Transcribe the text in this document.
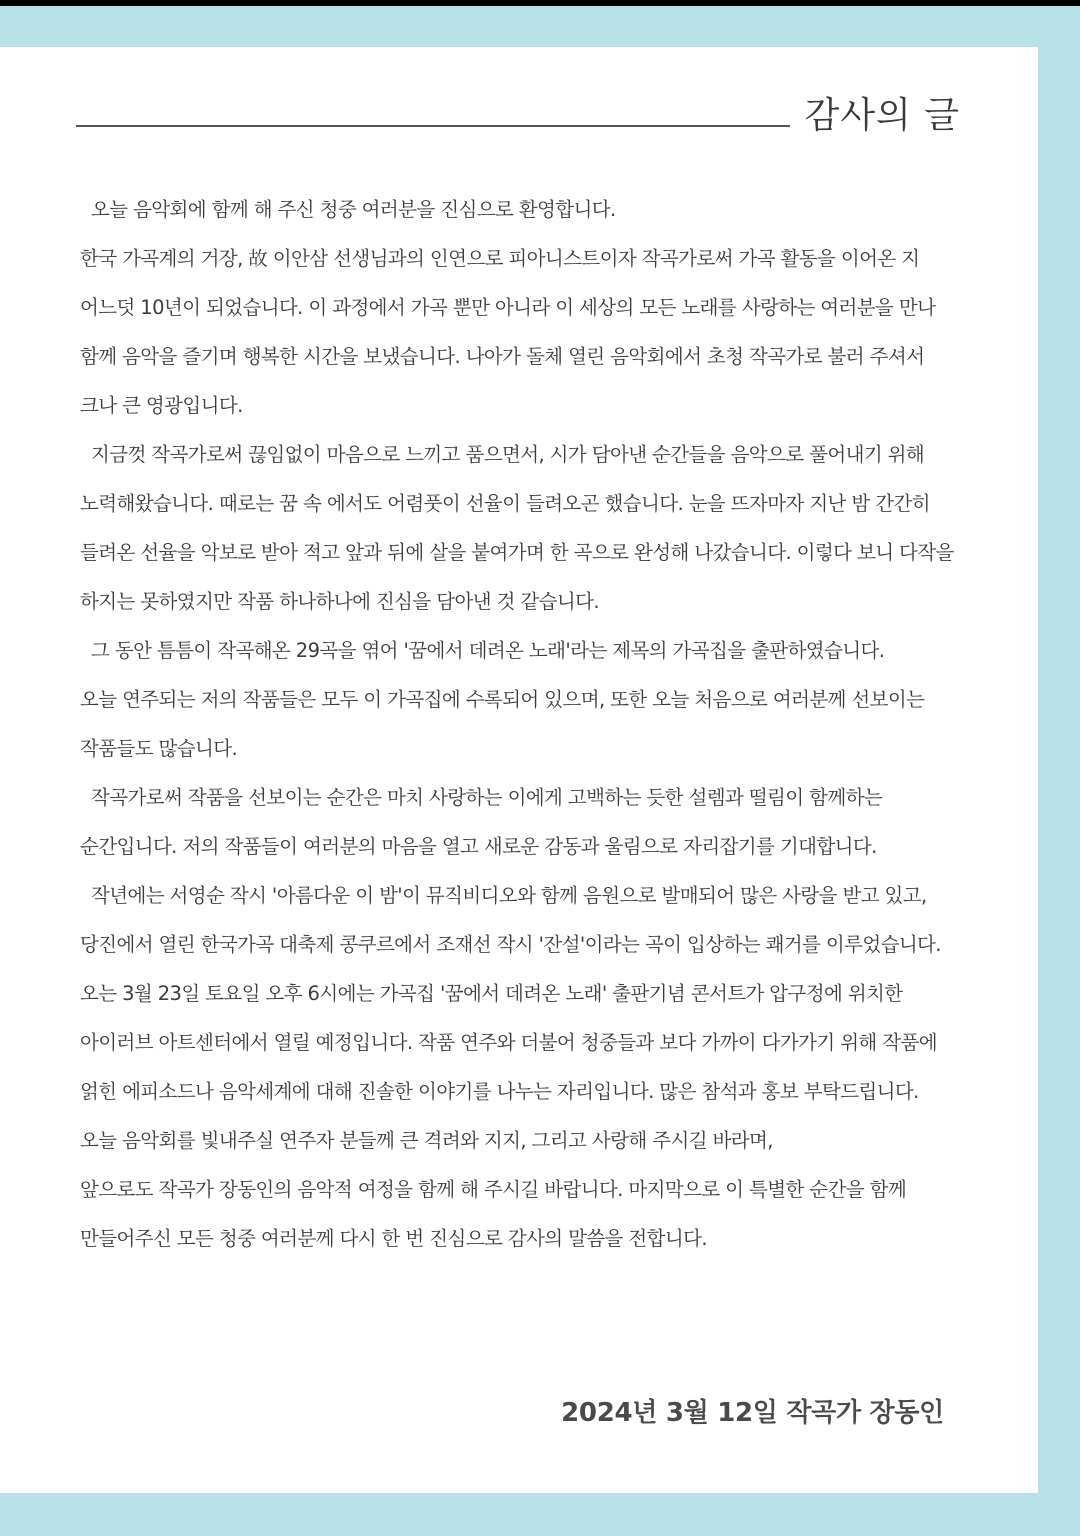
감사의 글
오늘 음악회에 함께 해 주신 청중 여러분을 진심으로 환영합니다.
한국 가곡계의 거장, 故 이안삼 선생님과의 인연으로 피아니스트이자 작곡가로써 가곡 활동을 이어온 지
어느덧 10년이 되었습니다. 이 과정에서 가곡 뿐만 아니라 이 세상의 모든 노래를 사랑하는 여러분을 만나
함께 음악을 즐기며 행복한 시간을 보냈습니다. 나아가 돌체 열린 음악회에서 초청 작곡가로 불러 주셔서
크나 큰 영광입니다.
지금껏 작곡가로써 끊임없이 마음으로 느끼고 품으면서, 시가 담아낸 순간들을 음악으로 풀어내기 위해
노력해왔습니다. 때로는 꿈 속 에서도 어렴풋이 선율이 들려오곤 했습니다. 눈을 뜨자마자 지난 밤 간간히
들려온 선율을 악보로 받아 적고 앞과 뒤에 살을 붙여가며 한 곡으로 완성해 나갔습니다. 이렇다 보니 다작을
하지는 못하였지만 작품 하나하나에 진심을 담아낸 것 같습니다.
그 동안 틈틈이 작곡해온 29곡을 엮어 '꿈에서 데려온 노래'라는 제목의 가곡집을 출판하였습니다.
오늘 연주되는 저의 작품들은 모두 이 가곡집에 수록되어 있으며, 또한 오늘 처음으로 여러분께 선보이는
작품들도 많습니다.
작곡가로써 작품을 선보이는 순간은 마치 사랑하는 이에게 고백하는 듯한 설렘과 떨림이 함께하는
순간입니다. 저의 작품들이 여러분의 마음을 열고 새로운 감동과 울림으로 자리잡기를 기대합니다.
작년에는 서영순 작시 '아름다운 이 밤'이 뮤직비디오와 함께 음원으로 발매되어 많은 사랑을 받고 있고,
당진에서 열린 한국가곡 대축제 콩쿠르에서 조재선 작시 '잔설'이라는 곡이 입상하는 쾌거를 이루었습니다.
오는 3월 23일 토요일 오후 6시에는 가곡집 '꿈에서 데려온 노래' 출판기념 콘서트가 압구정에 위치한
아이러브 아트센터에서 열릴 예정입니다. 작품 연주와 더불어 청중들과 보다 가까이 다가가기 위해 작품에
얽힌 에피소드나 음악세계에 대해 진솔한 이야기를 나누는 자리입니다. 많은 참석과 홍보 부탁드립니다.
오늘 음악회를 빛내주실 연주자 분들께 큰 격려와 지지, 그리고 사랑해 주시길 바라며,
앞으로도 작곡가 장동인의 음악적 여정을 함께 해 주시길 바랍니다. 마지막으로 이 특별한 순간을 함께
만들어주신 모든 청중 여러분께 다시 한 번 진심으로 감사의 말씀을 전합니다.
2024년 3월 12일 작곡가 장동인
